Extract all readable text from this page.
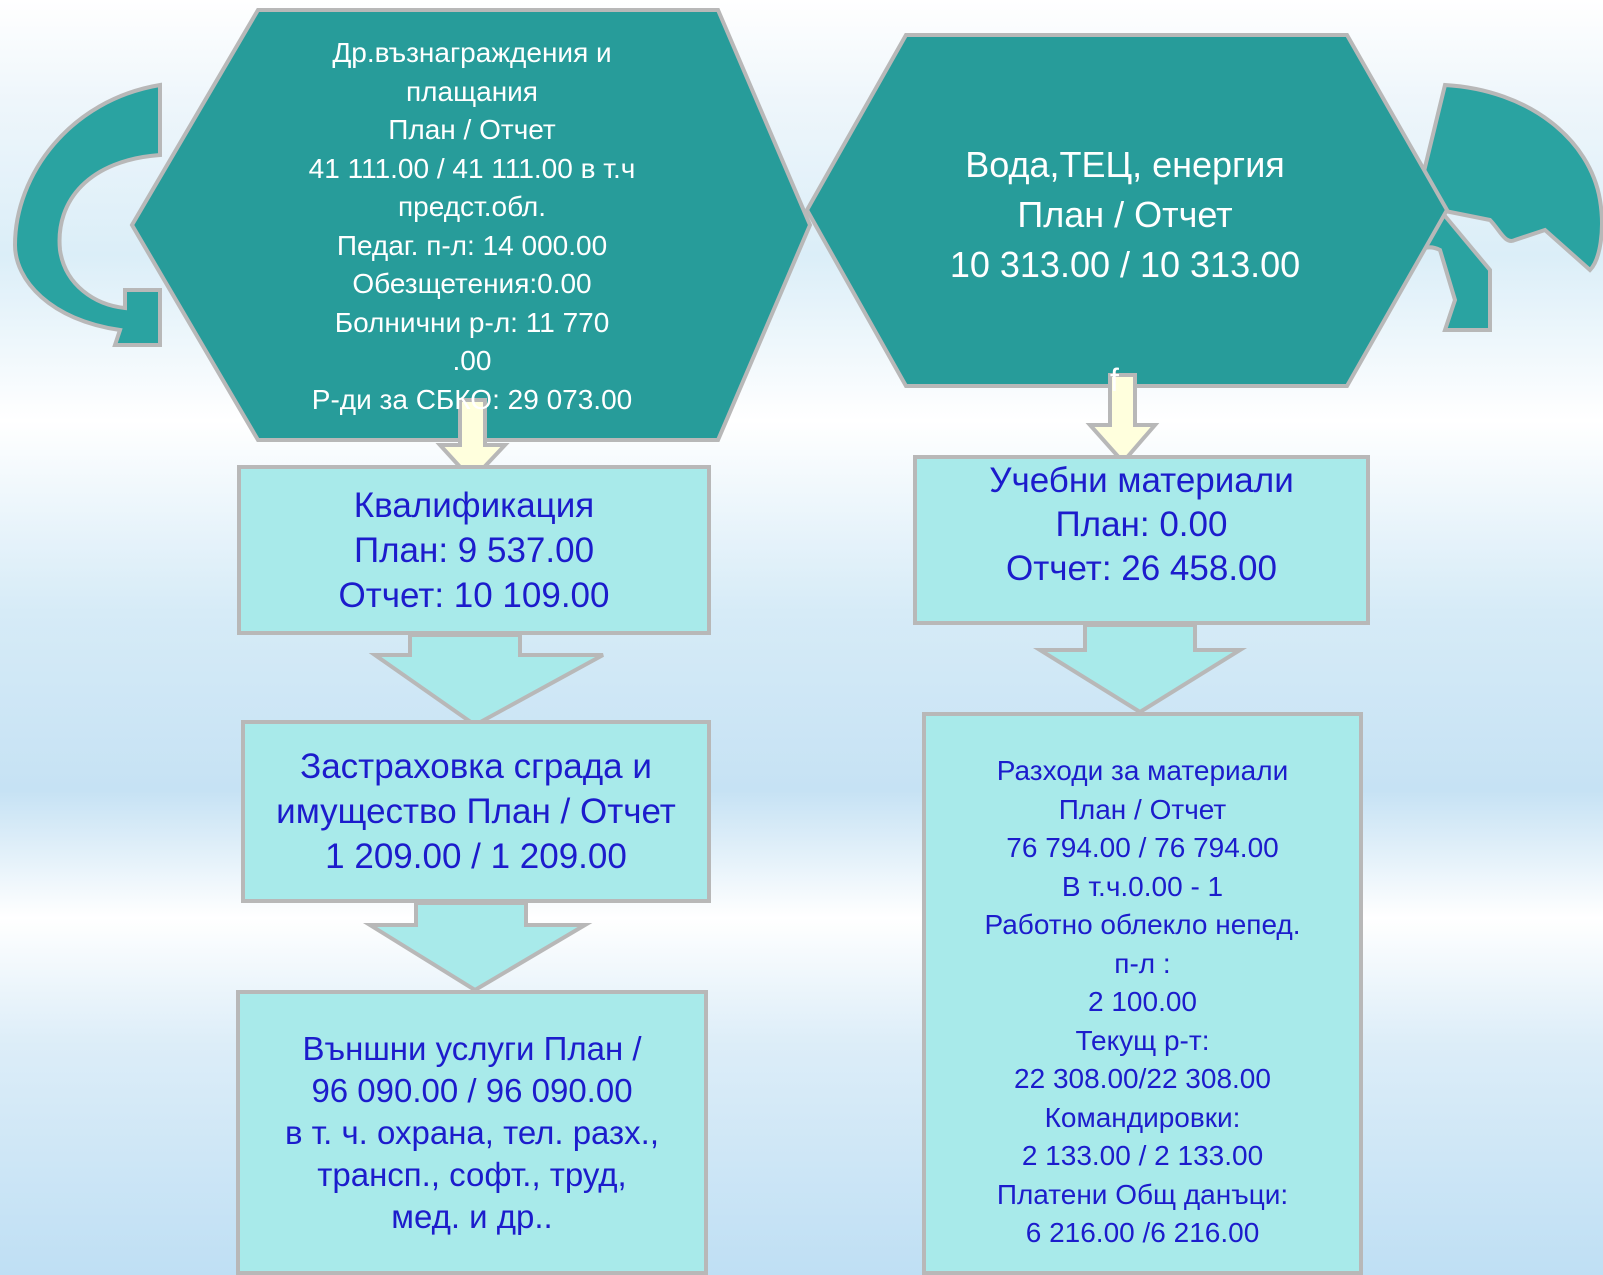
Др.възнаграждения и
плащания
План / Отчет
41 111.00 / 41 111.00 в т.ч
предст.обл.
Педаг. п-л: 14 000.00
Обезщетения:0.00
Болнични р-л: 11 770
.00
Р-ди за СБКО: 29 073.00
Вода,ТЕЦ, енергия
План / Отчет
10 313.00 / 10 313.00
f
Квалификация
План: 9 537.00
Отчет: 10 109.00
Застраховка сграда и
имущество План / Отчет
1 209.00 / 1 209.00
Външни услуги План /
96 090.00 / 96 090.00
в т. ч. охрана, тел. разх.,
трансп., софт., труд,
мед. и др..
Учебни материали
План: 0.00
Отчет: 26 458.00
Разходи за материали
План / Отчет
76 794.00 / 76 794.00
В т.ч.0.00 - 1
Работно облекло непед.
п-л :
2 100.00
Текущ р-т:
22 308.00/22 308.00
Командировки:
2 133.00 / 2 133.00
Платени Общ данъци:
6 216.00 /6 216.00
